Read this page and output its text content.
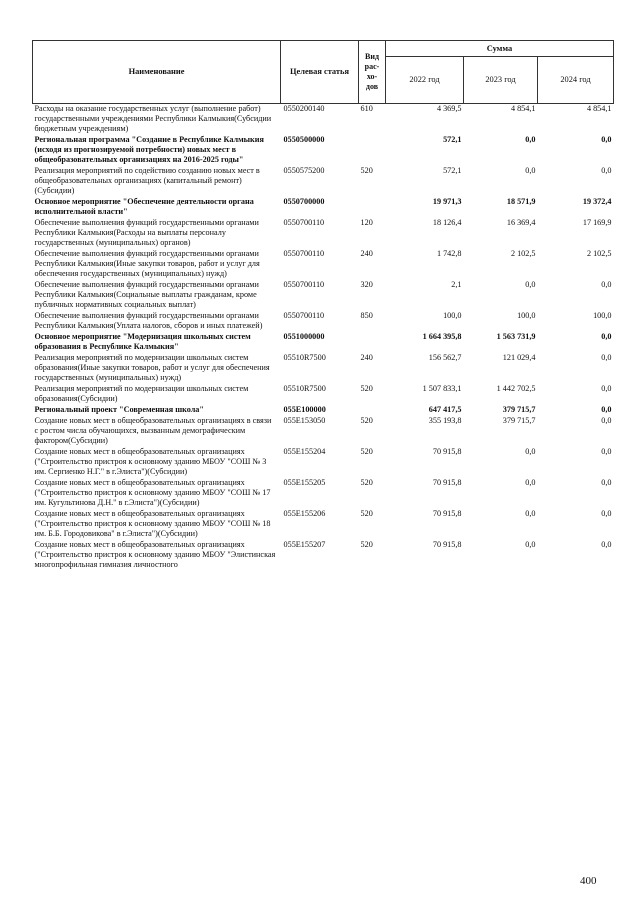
Наименование	Целевая статья	Вид рас-хо-дов	Сумма		
			2022 год	2023 год	2024 год
Расходы на оказание государственных услуг (выполнение работ) государственными учреждениями Республики Калмыкия(Субсидии бюджетным учреждениям)	0550200140	610	4 369,5	4 854,1	4 854,1
Региональная программа "Создание в Республике Калмыкия (исходя из прогнозируемой потребности) новых мест в общеобразовательных организациях на 2016-2025 годы"	0550500000		572,1	0,0	0,0
Реализация мероприятий по содействию созданию новых мест в общеобразовательных организациях (капитальный ремонт)(Субсидии)	0550575200	520	572,1	0,0	0,0
Основное мероприятие "Обеспечение деятельности органа исполнительной власти"	0550700000		19 971,3	18 571,9	19 372,4
Обеспечение выполнения функций государственными органами Республики Калмыкия(Расходы на выплаты персоналу государственных (муниципальных) органов)	0550700110	120	18 126,4	16 369,4	17 169,9
Обеспечение выполнения функций государственными органами Республики Калмыкия(Иные закупки товаров, работ и услуг для обеспечения государственных (муниципальных) нужд)	0550700110	240	1 742,8	2 102,5	2 102,5
Обеспечение выполнения функций государственными органами Республики Калмыкия(Социальные выплаты гражданам, кроме публичных нормативных социальных выплат)	0550700110	320	2,1	0,0	0,0
Обеспечение выполнения функций государственными органами Республики Калмыкия(Уплата налогов, сборов и иных платежей)	0550700110	850	100,0	100,0	100,0
Основное мероприятие "Модернизация школьных систем образования в Республике Калмыкия"	0551000000		1 664 395,8	1 563 731,9	0,0
Реализация мероприятий по модернизации школьных систем образования(Иные закупки товаров, работ и услуг для обеспечения государственных (муниципальных) нужд)	05510R7500	240	156 562,7	121 029,4	0,0
Реализация мероприятий по модернизации школьных систем образования(Субсидии)	05510R7500	520	1 507 833,1	1 442 702,5	0,0
Региональный проект "Современная школа"	055E100000		647 417,5	379 715,7	0,0
Создание новых мест в общеобразовательных организациях в связи с ростом числа обучающихся, вызванным демографическим фактором(Субсидии)	055E153050	520	355 193,8	379 715,7	0,0
Создание новых мест в общеобразовательных организациях ("Строительство пристроя к основному зданию МБОУ "СОШ № 3 им. Сергиенко Н.Г." в г.Элиста")(Субсидии)	055E155204	520	70 915,8	0,0	0,0
Создание новых мест в общеобразовательных организациях ("Строительство пристроя к основному зданию МБОУ "СОШ № 17 им. Кугультинова Д.Н." в г.Элиста")(Субсидии)	055E155205	520	70 915,8	0,0	0,0
Создание новых мест в общеобразовательных организациях ("Строительство пристроя к основному зданию МБОУ "СОШ № 18 им. Б.Б. Городовикова" в г.Элиста")(Субсидии)	055E155206	520	70 915,8	0,0	0,0
Создание новых мест в общеобразовательных организациях ("Строительство пристроя к основному зданию МБОУ "Элистинская многопрофильная гимназия личностного	055E155207	520	70 915,8	0,0	0,0
400
